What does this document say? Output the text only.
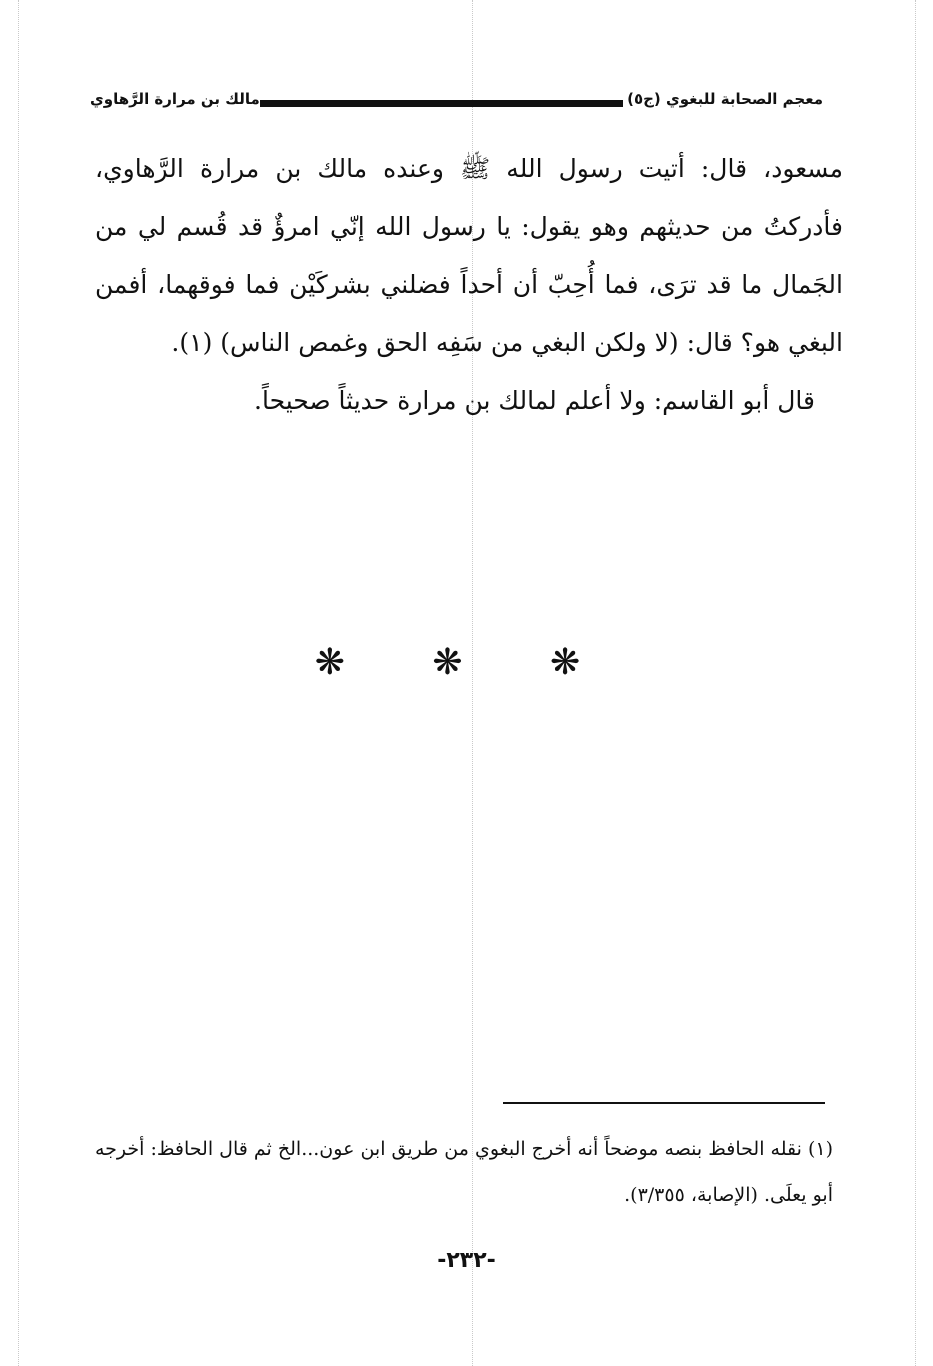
معجم الصحابة للبغوي (ج٥)
مالك بن مرارة الرَّهاوي

مسعود، قال: أتيت رسول الله ﷺ وعنده مالك بن مرارة الرَّهاوي، فأدركتُ من حديثهم وهو يقول: يا رسول الله إنّي امرؤٌ قد قُسم لي من الجَمال ما قد ترَى، فما أُحِبّ أن أحداً فضلني بشركَيْن فما فوقهما، أفمن البغي هو؟ قال: (لا ولكن البغي من سَفِه الحق وغمص الناس) (١).

قال أبو القاسم: ولا أعلم لمالك بن مرارة حديثاً صحيحاً.

❋ ❋ ❋

(١) نقله الحافظ بنصه موضحاً أنه أخرج البغوي من طريق ابن عون...الخ ثم قال الحافظ: أخرجه أبو يعلَى. (الإصابة، ٣/٣٥٥).

-٢٣٢-
